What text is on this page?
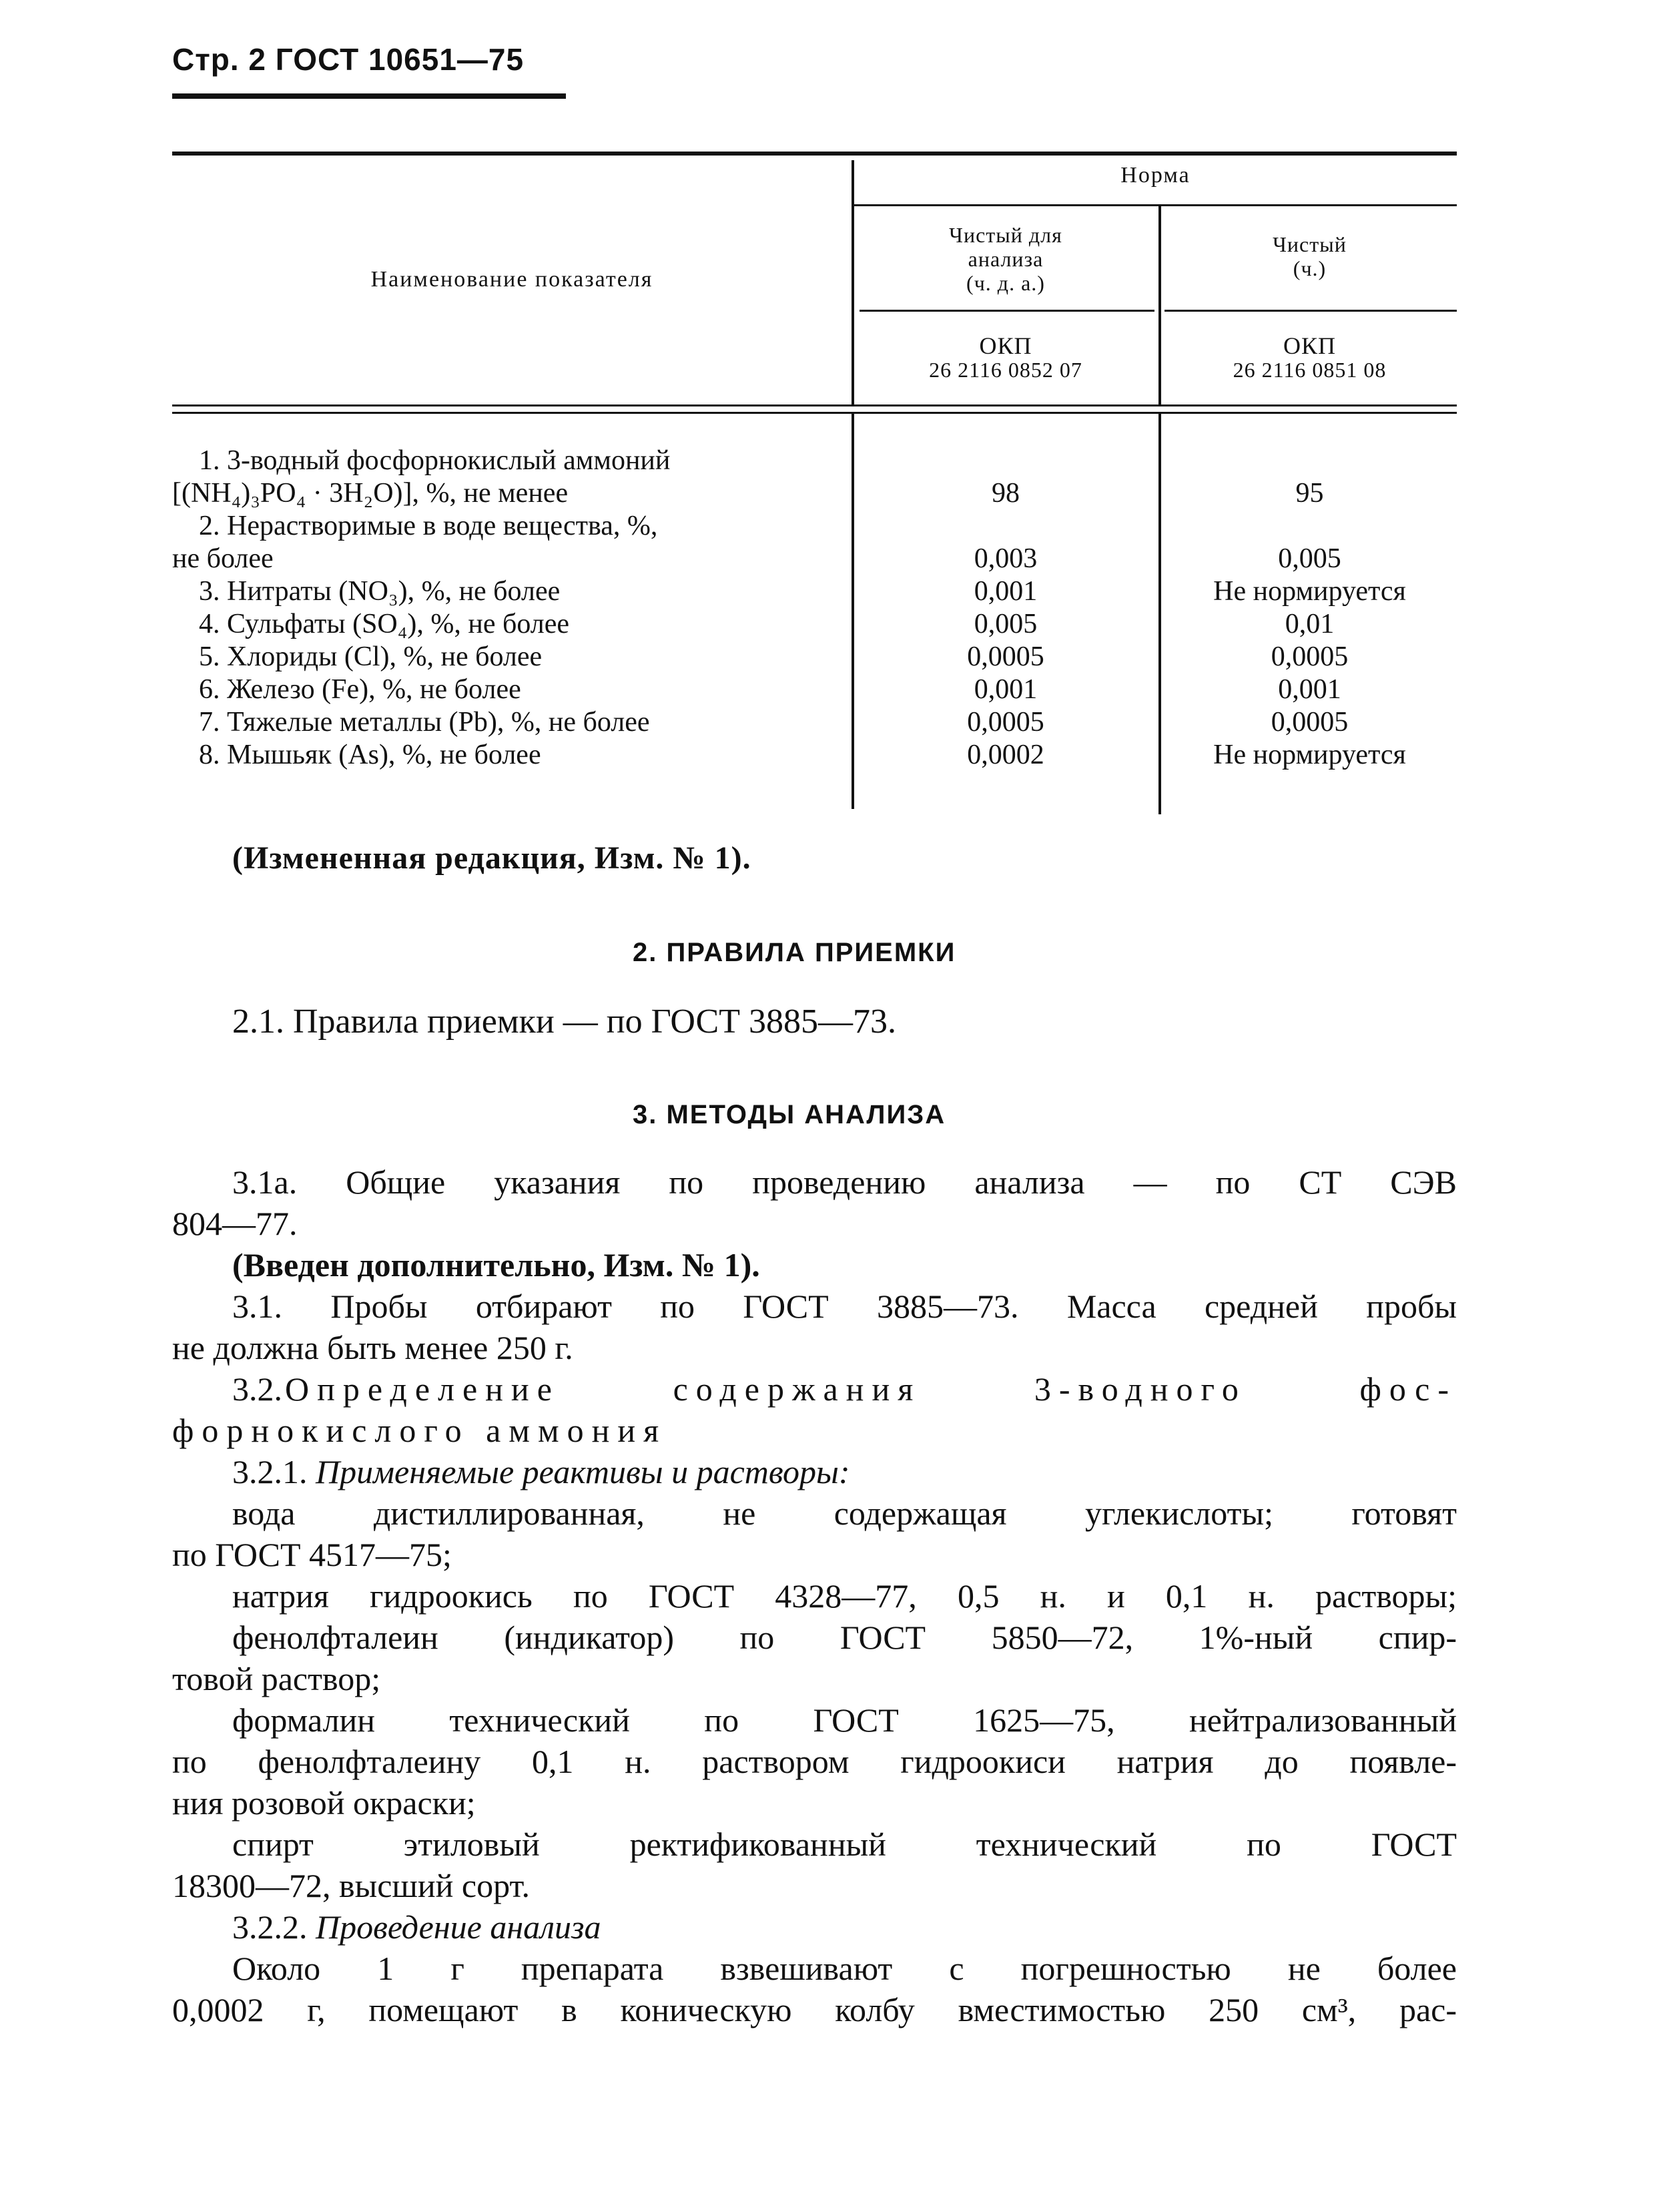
Стр. 2 ГОСТ 10651—75
Наименование показателя
Норма
Чистый для
анализа
(ч. д. а.)
Чистый
(ч.)
ОКП
26 2116 0852 07
ОКП
26 2116 0851 08
1. 3-водный фосфорнокислый аммоний
[(NH₄)₃PO₄ · 3H₂O)], %, не менее
2. Нерастворимые в воде вещества, %,
не более
3. Нитраты (NO₃), %, не более
4. Сульфаты (SO₄), %, не более
5. Хлориды (Cl), %, не более
6. Железо (Fe), %, не более
7. Тяжелые металлы (Pb), %, не более
8. Мышьяк (As), %, не более
98
0,003
0,001
0,005
0,0005
0,001
0,0005
0,0002
95
0,005
Не нормируется
0,01
0,0005
0,001
0,0005
Не нормируется
(Измененная редакция, Изм. № 1).
2. ПРАВИЛА ПРИЕМКИ
2.1. Правила приемки — по ГОСТ 3885—73.
3. МЕТОДЫ АНАЛИЗА
3.1а. Общие указания по проведению анализа — по СТ СЭВ
804—77.
(Введен дополнительно, Изм. № 1).
3.1. Пробы отбирают по ГОСТ 3885—73. Масса средней пробы
не должна быть менее 250 г.
3.2. Определение содержания 3-водного фос-
форнокислого аммония
3.2.1. Применяемые реактивы и растворы:
вода дистиллированная, не содержащая углекислоты; готовят
по ГОСТ 4517—75;
натрия гидроокись по ГОСТ 4328—77, 0,5 н. и 0,1 н. растворы;
фенолфталеин (индикатор) по ГОСТ 5850—72, 1%-ный спир-
товой раствор;
формалин технический по ГОСТ 1625—75, нейтрализованный
по фенолфталеину 0,1 н. раствором гидроокиси натрия до появле-
ния розовой окраски;
спирт этиловый ректификованный технический по ГОСТ
18300—72, высший сорт.
3.2.2. Проведение анализа
Около 1 г препарата взвешивают с погрешностью не более
0,0002 г, помещают в коническую колбу вместимостью 250 см³, рас-
